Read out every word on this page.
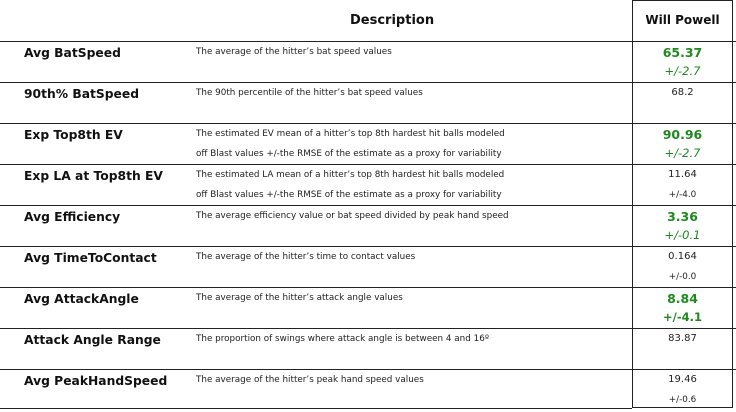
Description	Will Powell
Avg BatSpeed	The average of the hitter’s bat speed values	65.37
+/-2.7
90th% BatSpeed	The 90th percentile of the hitter’s bat speed values	68.2
Exp Top8th EV	The estimated EV mean of a hitter’s top 8th hardest hit balls modeled
off Blast values +/-the RMSE of the estimate as a proxy for variability
90.96
+/-2.7
Exp LA at Top8th EV	The estimated LA mean of a hitter’s top 8th hardest hit balls modeled
off Blast values +/-the RMSE of the estimate as a proxy for variability
11.64
+/-4.0
Avg Efficiency	The average efficiency value or bat speed divided by peak hand speed	3.36
+/-0.1
Avg TimeToContact	The average of the hitter’s time to contact values	0.164
+/-0.0
Avg AttackAngle	The average of the hitter’s attack angle values	8.84
+/-4.1
Attack Angle Range	The proportion of swings where attack angle is between 4 and 16º	83.87
Avg PeakHandSpeed	The average of the hitter’s peak hand speed values	19.46
+/-0.6
